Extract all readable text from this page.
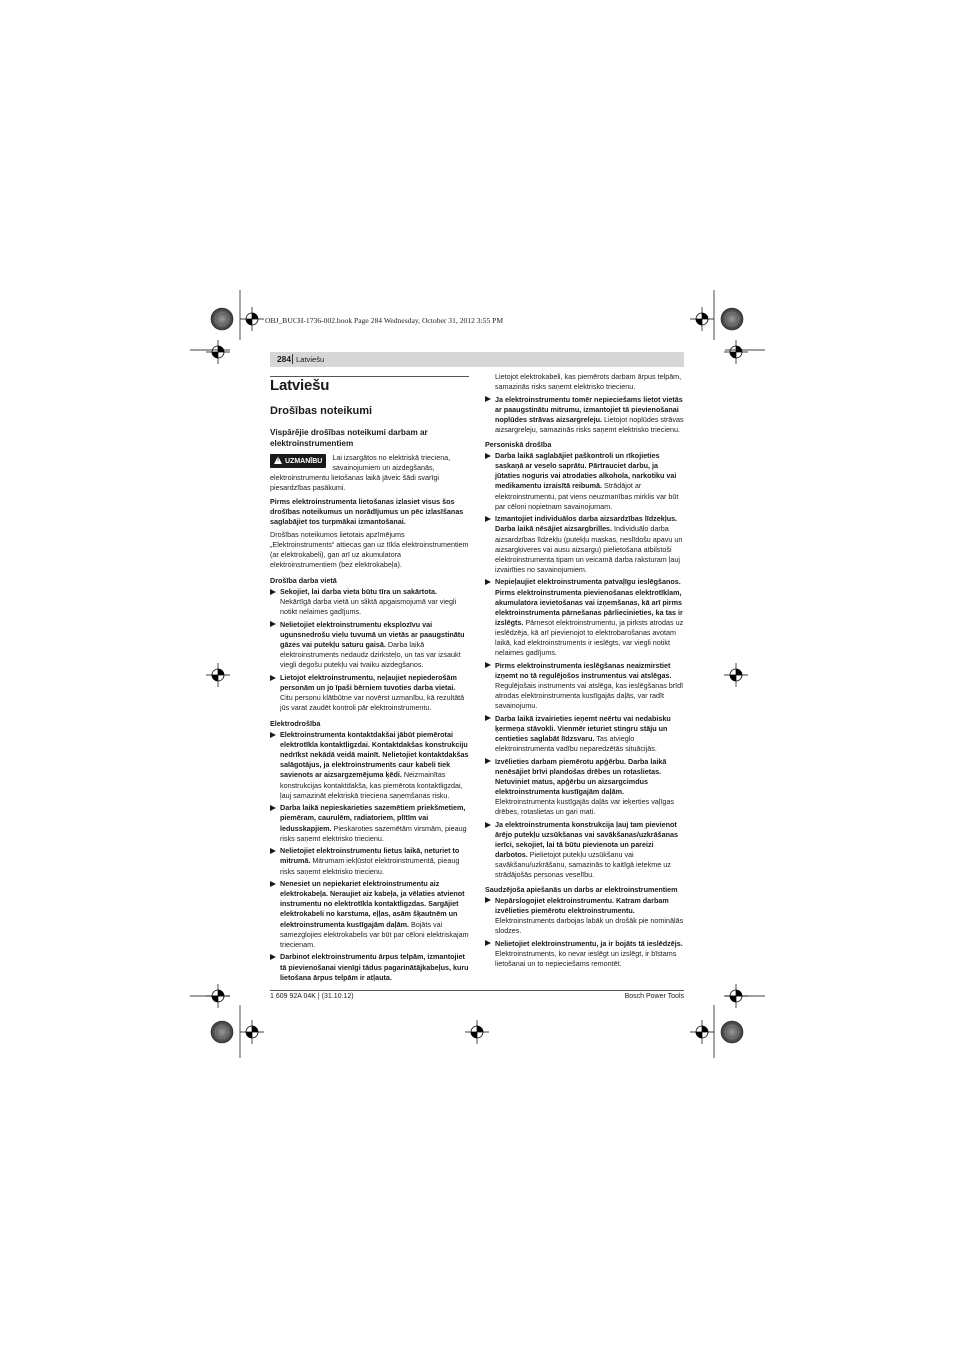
OBJ_BUCH-1736-002.book Page 284 Wednesday, October 31, 2012 3:55 PM
284 Latviešu
Latviešu
Drošības noteikumi
Vispārējie drošības noteikumi darbam ar elektroinstrumentiem
!UZMANĪBU	Lai izsargātos no elektriskā trieciena, savainojumiem un aizdegšanās, elektroinstrumentu lietošanas laikā jāveic šādi svarīgi piesardzības pasākumi.

Pirms elektroinstrumenta lietošanas izlasiet visus šos drošības noteikumus un norādījumus un pēc izlasīšanas saglabājiet tos turpmākai izmantošanai.

Drošības noteikumos lietotais apzīmējums „Elektroinstruments“ attiecas gan uz tīkla elektroinstrumentiem (ar elektrokabeli), gan arī uz akumulatora elektroinstrumentiem (bez elektrokabeļa).

Drošība darba vietā
Sekojiet, lai darba vieta būtu tīra un sakārtota. Nekārtīgā darba vietā un sliktā apgaismojumā var viegli notikt nelaimes gadījums.
Nelietojiet elektroinstrumentu eksplozīvu vai ugunsnedrošu vielu tuvumā un vietās ar paaugstinātu gāzes vai putekļu saturu gaisā. Darba laikā elektroinstruments nedaudz dzirksteļo, un tas var izsaukt viegli degošu putekļu vai tvaiku aizdegšanos.
Lietojot elektroinstrumentu, neļaujiet nepiederošām personām un jo īpaši bērniem tuvoties darba vietai. Citu personu klātbūtne var novērst uzmanību, kā rezultātā jūs varat zaudēt kontroli pār elektroinstrumentu.
Elektrodrošība
Elektroinstrumenta kontaktdakšai jābūt piemērotai elektrotīkla kontaktligzdai. Kontaktdakšas konstrukciju nedrīkst nekādā veidā mainīt. Nelietojiet kontaktdakšas salāgotājus, ja elektroinstruments caur kabeli tiek savienots ar aizsargzemējuma ķēdi. Neizmainītas konstrukcijas kontaktdakša, kas piemērota kontaktligzdai, ļauj samazināt elektriskā trieciena saņemšanas risku.
Darba laikā nepieskarieties sazemētiem priekšmetiem, piemēram, caurulēm, radiatoriem, plītīm vai ledusskapjiem. Pieskaroties sazemētām virsmām, pieaug risks saņemt elektrisko triecienu.
Nelietojiet elektroinstrumentu lietus laikā, neturiet to mitrumā. Mitrumam iekļūstot elektroinstrumentā, pieaug risks saņemt elektrisko triecienu.
Nenesiet un nepiekariet elektroinstrumentu aiz elektrokabeļa. Neraujiet aiz kabeļa, ja vēlaties atvienot instrumentu no elektrotīkla kontaktligzdas. Sargājiet elektrokabeli no karstuma, eļļas, asām šķautnēm un elektroinstrumenta kustīgajām daļām. Bojāts vai samezglojies elektrokabelis var būt par cēloni elektriskajam triecienam.
Darbinot elektroinstrumentu ārpus telpām, izmantojiet tā pievienošanai vienīgi tādus pagarinātājkabeļus, kuru lietošana ārpus telpām ir atļauta.

Lietojot elektrokabeli, kas piemērots darbam ārpus telpām, samazinās risks saņemt elektrisko triecienu.

Ja elektroinstrumentu tomēr nepieciešams lietot vietās ar paaugstinātu mitrumu, izmantojiet tā pievienošanai noplūdes strāvas aizsargreleju. Lietojot noplūdes strāvas aizsargreleju, samazinās risks saņemt elektrisko triecienu.
Personiskā drošība
Darba laikā saglabājiet paškontroli un rīkojieties saskaņā ar veselo saprātu. Pārtrauciet darbu, ja jūtaties noguris vai atrodaties alkohola, narkotiku vai medikamentu izraisītā reibumā. Strādājot ar elektroinstrumentu, pat viens neuzmanības mirklis var būt par cēloni nopietnam savainojumam.
Izmantojiet individuālos darba aizsardzības līdzekļus. Darba laikā nēsājiet aizsargbrilles. Individuālo darba aizsardzības līdzekļu (putekļu maskas, neslīdošu apavu un aizsargķiveres vai ausu aizsargu) pielietošana atbilstoši elektroinstrumenta tipam un veicamā darba raksturam ļauj izvairīties no savainojumiem.
Nepieļaujiet elektroinstrumenta patvaļīgu ieslēgšanos. Pirms elektroinstrumenta pievienošanas elektrotīklam, akumulatora ievietošanas vai izņemšanas, kā arī pirms elektroinstrumenta pārnešanas pārliecinieties, ka tas ir izslēgts. Pārnesot elektroinstrumentu, ja pirksts atrodas uz ieslēdzēja, kā arī pievienojot to elektrobarošanas avotam laikā, kad elektroinstruments ir ieslēgts, var viegli notikt nelaimes gadījums.
Pirms elektroinstrumenta ieslēgšanas neaizmirstiet izņemt no tā regulējošos instrumentus vai atslēgas. Regulējošais instruments vai atslēga, kas ieslēgšanas brīdī atrodas elektroinstrumenta kustīgajās daļās, var radīt savainojumu.
Darba laikā izvairieties ieņemt neērtu vai nedabisku ķermeņa stāvokli. Vienmēr ieturiet stingru stāju un centieties saglabāt līdzsvaru. Tas atvieglo elektroinstrumenta vadību neparedzētās situācijās.
Izvēlieties darbam piemērotu apģērbu. Darba laikā nenēsājiet brīvi plandošas drēbes un rotaslietas. Netuviniet matus, apģērbu un aizsargcimdus elektroinstrumenta kustīgajām daļām. Elektroinstrumenta kustīgajās daļās var ieķerties vaļīgas drēbes, rotaslietas un gari mati.
Ja elektroinstrumenta konstrukcija ļauj tam pievienot ārējo putekļu uzsūkšanas vai savākšanas/uzkrāšanas ierīci, sekojiet, lai tā būtu pievienota un pareizi darbotos. Pielietojot putekļu uzsūkšanu vai savākšanu/uzkrāšanu, samazinās to kaitīgā ietekme uz strādājošās personas veselību.
Saudzējoša apiešanās un darbs ar elektroinstrumentiem
Nepārslogojiet elektroinstrumentu. Katram darbam izvēlieties piemērotu elektroinstrumentu. Elektroinstruments darbojas labāk un drošāk pie nominālās slodzes.
Nelietojiet elektroinstrumentu, ja ir bojāts tā ieslēdzējs. Elektroinstruments, ko nevar ieslēgt un izslēgt, ir bīstams lietošanai un to nepieciešams remontēt.
1 609 92A 04K | (31.10.12)	Bosch Power Tools
